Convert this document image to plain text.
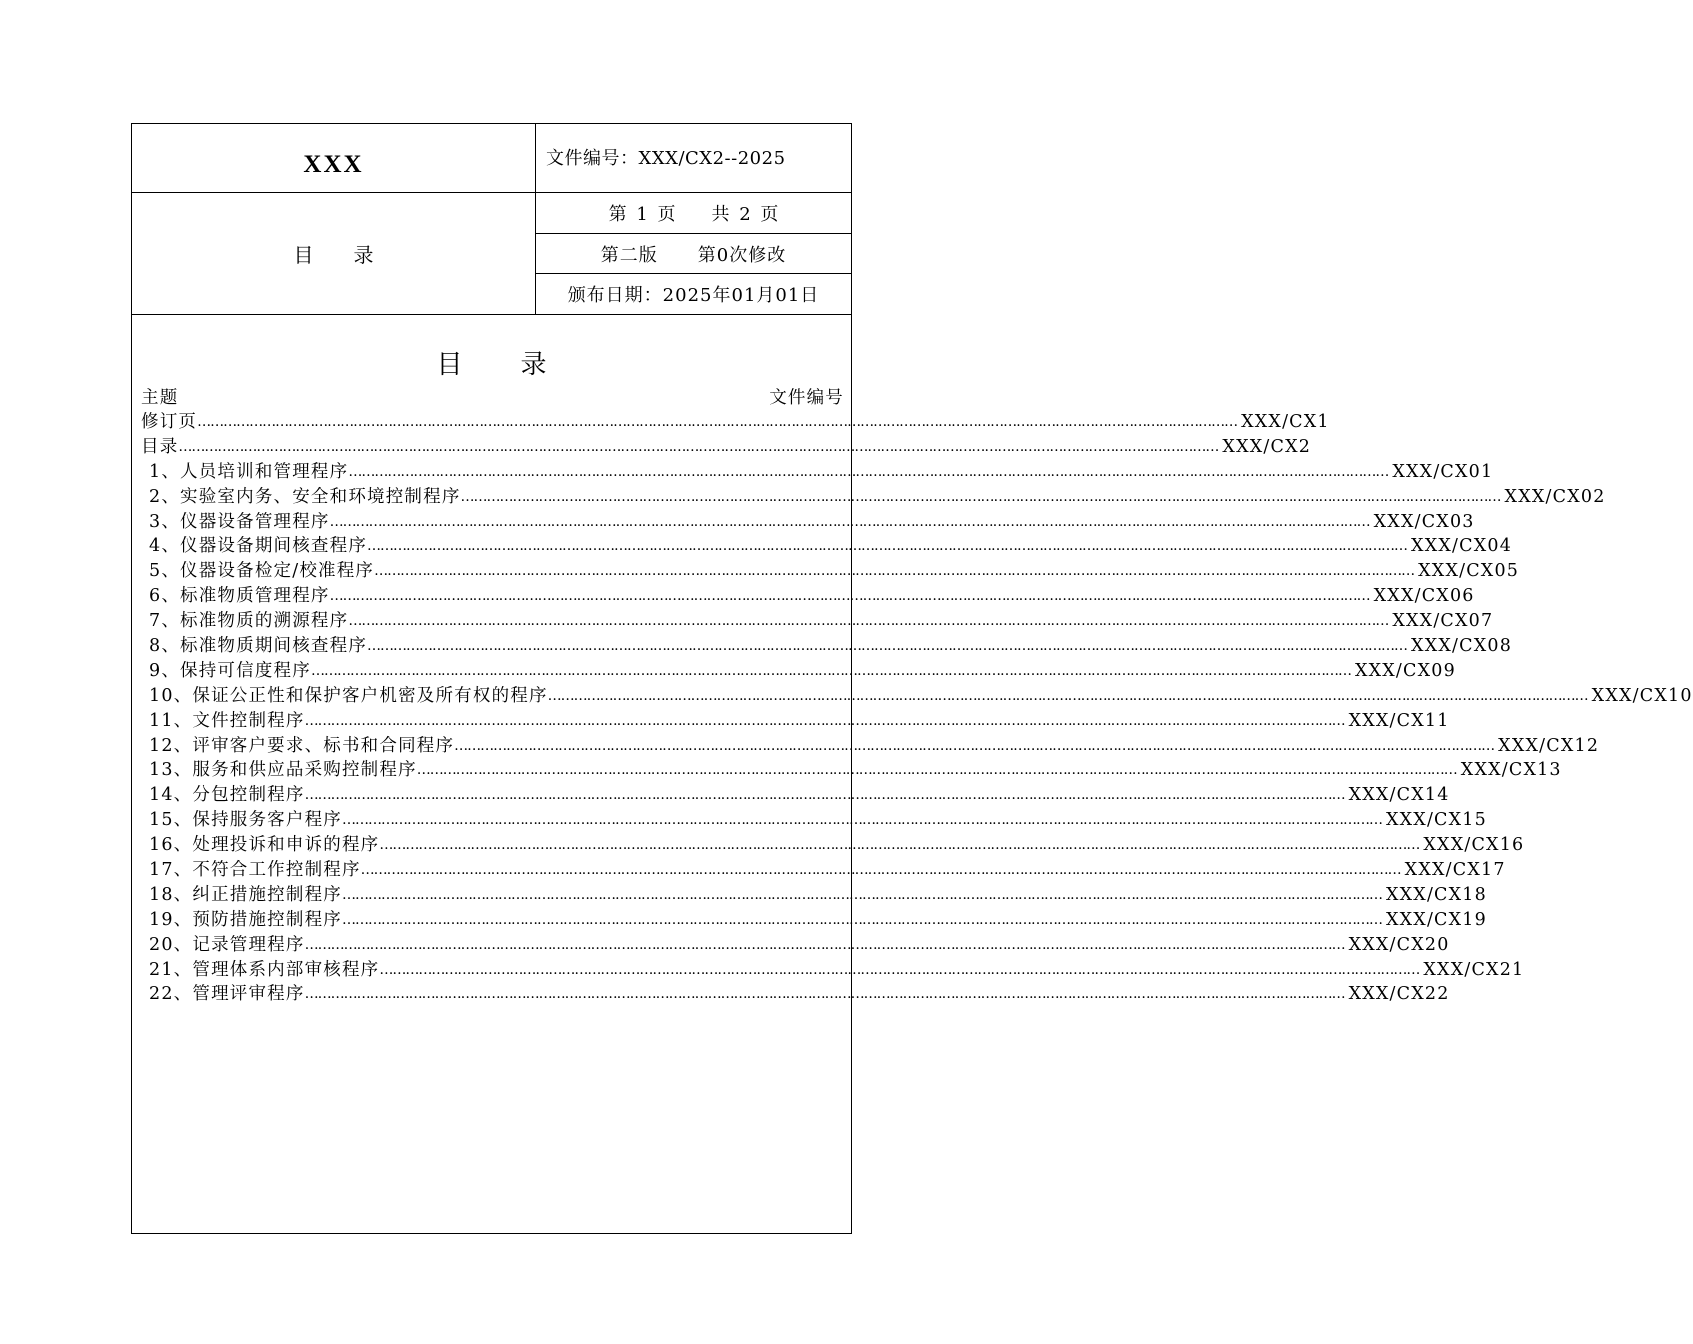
XXX	文件编号：XXX/CX2--2025
目录
第 1 页 共 2 页
第二版 第0次修改
颁布日期：2025年01月01日
目录
主题	文件编号
修订页 …………………………………………………………………………………………………………………………………………………………………………………………………………………… XXX/CX1
目录 …………………………………………………………………………………………………………………………………………………………………………………………………………………… XXX/CX2
1、人员培训和管理程序 …………………………………………………………………………………………………………………………………………………………………………………………………………………… XXX/CX01
2、实验室内务、安全和环境控制程序 …………………………………………………………………………………………………………………………………………………………………………………………………………………… XXX/CX02
3、仪器设备管理程序 …………………………………………………………………………………………………………………………………………………………………………………………………………………… XXX/CX03
4、仪器设备期间核查程序 …………………………………………………………………………………………………………………………………………………………………………………………………………………… XXX/CX04
5、仪器设备检定/校准程序 …………………………………………………………………………………………………………………………………………………………………………………………………………………… XXX/CX05
6、标准物质管理程序 …………………………………………………………………………………………………………………………………………………………………………………………………………………… XXX/CX06
7、标准物质的溯源程序 …………………………………………………………………………………………………………………………………………………………………………………………………………………… XXX/CX07
8、标准物质期间核查程序 …………………………………………………………………………………………………………………………………………………………………………………………………………………… XXX/CX08
9、保持可信度程序 …………………………………………………………………………………………………………………………………………………………………………………………………………………… XXX/CX09
10、保证公正性和保护客户机密及所有权的程序 …………………………………………………………………………………………………………………………………………………………………………………………………………………… XXX/CX10
11、文件控制程序 …………………………………………………………………………………………………………………………………………………………………………………………………………………… XXX/CX11
12、评审客户要求、标书和合同程序 …………………………………………………………………………………………………………………………………………………………………………………………………………………… XXX/CX12
13、服务和供应品采购控制程序 …………………………………………………………………………………………………………………………………………………………………………………………………………………… XXX/CX13
14、分包控制程序 …………………………………………………………………………………………………………………………………………………………………………………………………………………… XXX/CX14
15、保持服务客户程序 …………………………………………………………………………………………………………………………………………………………………………………………………………………… XXX/CX15
16、处理投诉和申诉的程序 …………………………………………………………………………………………………………………………………………………………………………………………………………………… XXX/CX16
17、不符合工作控制程序 …………………………………………………………………………………………………………………………………………………………………………………………………………………… XXX/CX17
18、纠正措施控制程序 …………………………………………………………………………………………………………………………………………………………………………………………………………………… XXX/CX18
19、预防措施控制程序 …………………………………………………………………………………………………………………………………………………………………………………………………………………… XXX/CX19
20、记录管理程序 …………………………………………………………………………………………………………………………………………………………………………………………………………………… XXX/CX20
21、管理体系内部审核程序 …………………………………………………………………………………………………………………………………………………………………………………………………………………… XXX/CX21
22、管理评审程序 …………………………………………………………………………………………………………………………………………………………………………………………………………………… XXX/CX22
